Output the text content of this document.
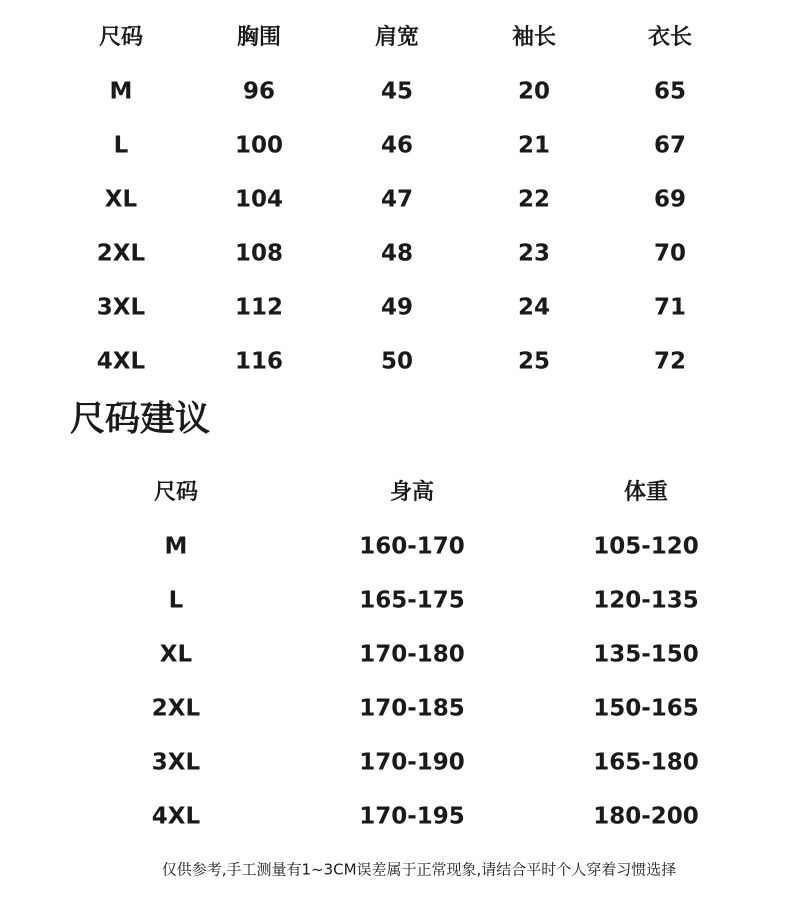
尺码	胸围	肩宽	袖长	衣长
M	96	45	20	65
L	100	46	21	67
XL	104	47	22	69
2XL	108	48	23	70
3XL	112	49	24	71
4XL	116	50	25	72
尺码建议
尺码	身高	体重
M	160-170	105-120
L	165-175	120-135
XL	170-180	135-150
2XL	170-185	150-165
3XL	170-190	165-180
4XL	170-195	180-200
仅供参考,手工测量有1~3CM误差属于正常现象,请结合平时个人穿着习惯选择
